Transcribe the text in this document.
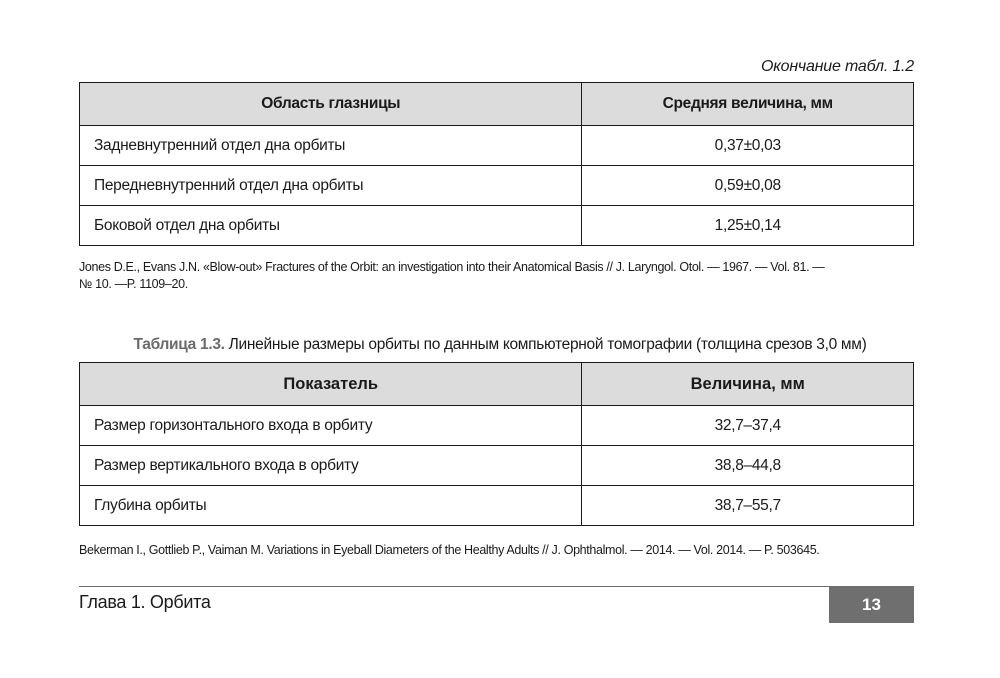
Окончание табл. 1.2
Область глазницы	Средняя величина, мм
Задневнутренний отдел дна орбиты	0,37±0,03
Передневнутренний отдел дна орбиты	0,59±0,08
Боковой отдел дна орбиты	1,25±0,14
Jones D.E., Evans J.N. «Blow-out» Fractures of the Orbit: an investigation into their Anatomical Basis // J. Laryngol. Otol. — 1967. — Vol. 81. —
№ 10. —P. 1109–20.
Таблица 1.3. Линейные размеры орбиты по данным компьютерной томографии (толщина срезов 3,0 мм)
Показатель	Величина, мм
Размер горизонтального входа в орбиту	32,7–37,4
Размер вертикального входа в орбиту	38,8–44,8
Глубина орбиты	38,7–55,7
Bekerman I., Gottlieb P., Vaiman M. Variations in Eyeball Diameters of the Healthy Adults // J. Ophthalmol. — 2014. — Vol. 2014. — P. 503645.
Глава 1. Орбита	13
